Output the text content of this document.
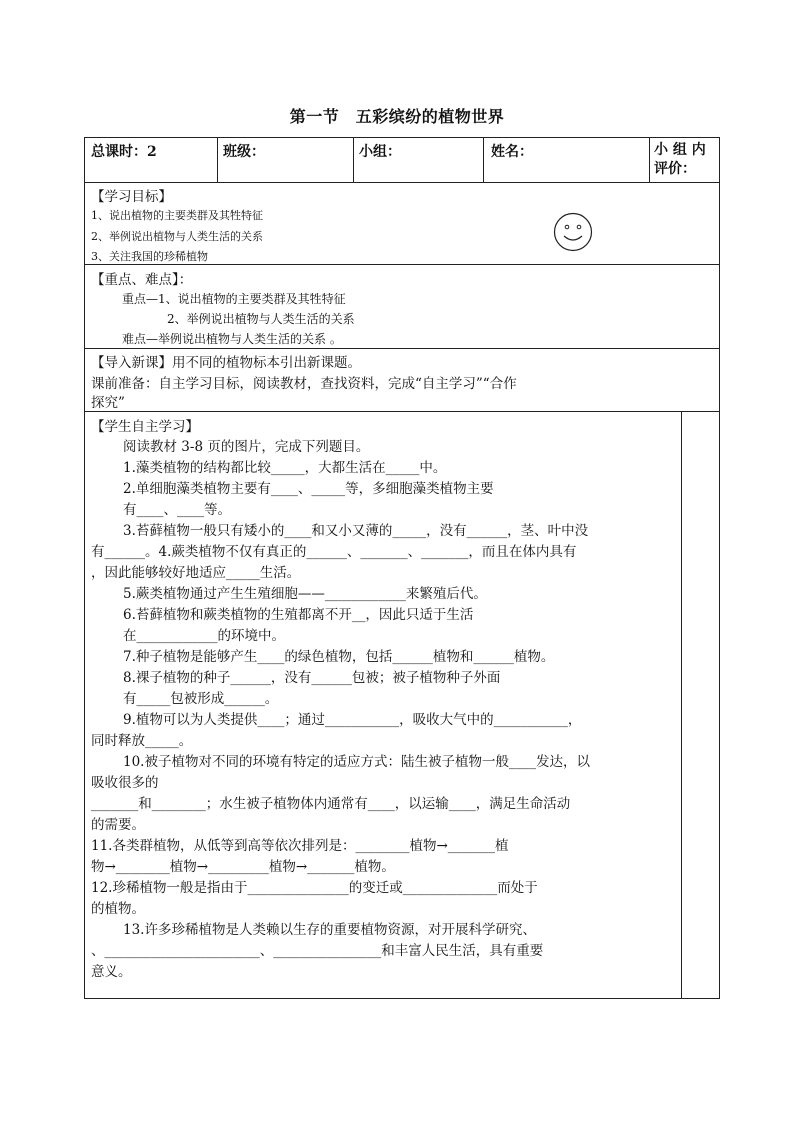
第一节　五彩缤纷的植物世界
总课时：2	班级：	小组：	姓名：	小 组 内
评价：
【学习目标】
1、说出植物的主要类群及其牲特征
2、举例说出植物与人类生活的关系
3、关注我国的珍稀植物
【重点、难点】：
重点—1、说出植物的主要类群及其牲特征
2、举例说出植物与人类生活的关系
难点—举例说出植物与人类生活的关系 。
【导入新课】用不同的植物标本引出新课题。
课前准备：自主学习目标，阅读教材，查找资料，完成“自主学习”“合作
探究”
【学生自主学习】
阅读教材 3-8 页的图片，完成下列题目。
1.藻类植物的结构都比较_____，大都生活在_____中。
2.单细胞藻类植物主要有____、_____等，多细胞藻类植物主要
有____、____等。
3.苔藓植物一般只有矮小的____和又小又薄的_____，没有______，茎、叶中没
有______。4.蕨类植物不仅有真正的______、_______、_______，而且在体内具有
，因此能够较好地适应_____生活。
5.蕨类植物通过产生生殖细胞——____________来繁殖后代。
6.苔藓植物和蕨类植物的生殖都离不开__，因此只适于生活
在____________的环境中。
7.种子植物是能够产生____的绿色植物，包括______植物和______植物。
8.裸子植物的种子______，没有______包被；被子植物种子外面
有_____包被形成______。
9.植物可以为人类提供____；通过___________，吸收大气中的___________，
同时释放_____。
10.被子植物对不同的环境有特定的适应方式：陆生被子植物一般____发达，以
吸收很多的
_______和________；水生被子植物体内通常有____，以运输____，满足生命活动
的需要。
11.各类群植物，从低等到高等依次排列是：________植物→_______植
物→________植物→_________植物→_______植物。
12.珍稀植物一般是指由于_______________的变迁或______________而处于
的植物。
13.许多珍稀植物是人类赖以生存的重要植物资源，对开展科学研究、
、_______________________、________________和丰富人民生活，具有重要
意义。
